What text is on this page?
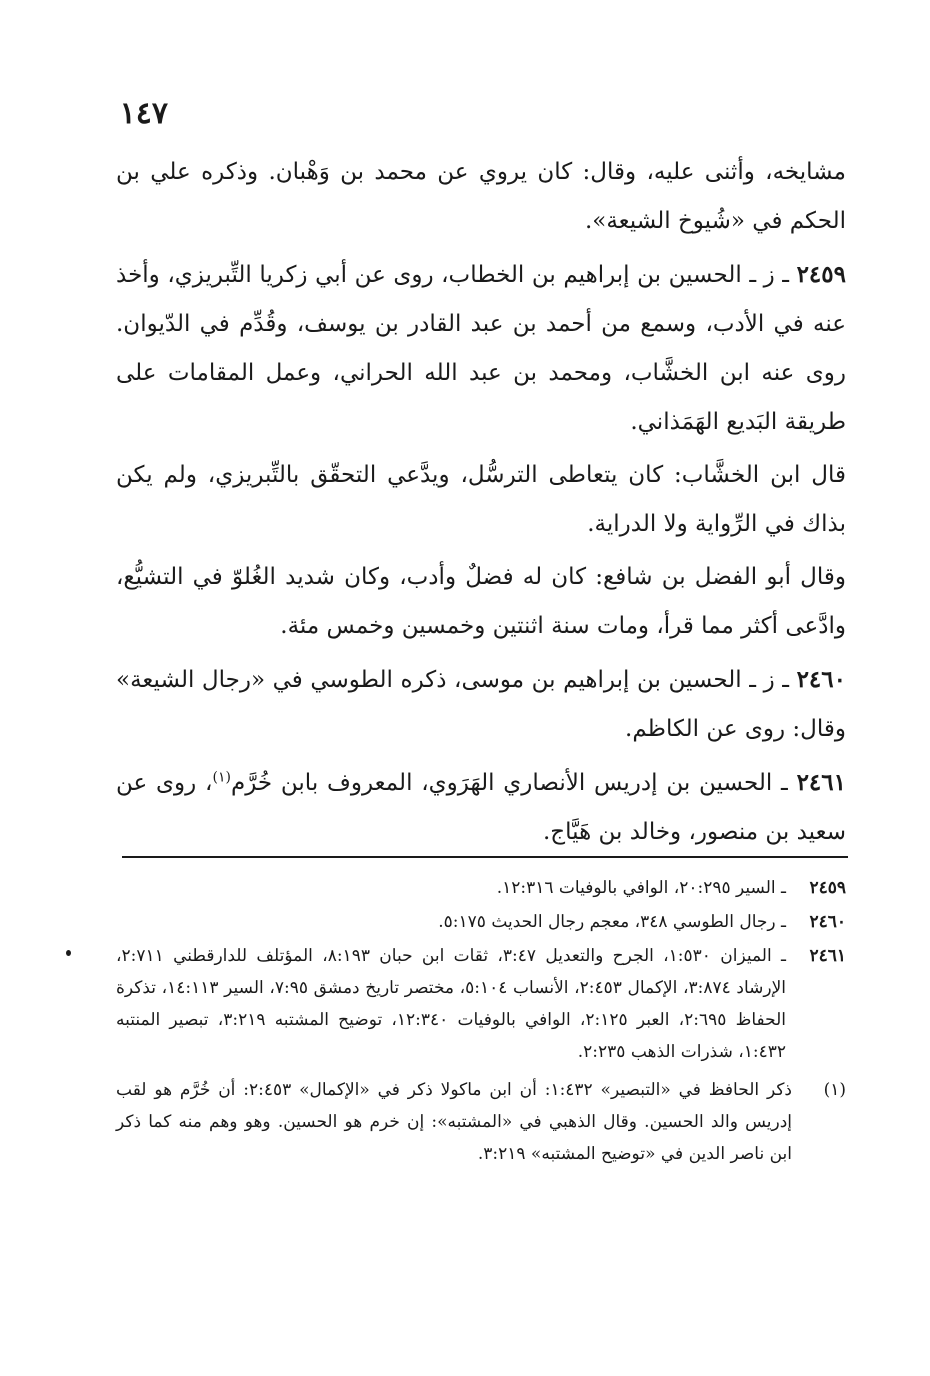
١٤٧

مشايخه، وأثنى عليه، وقال: كان يروي عن محمد بن وَهْبان. وذكره علي بن الحكم في «شُيوخ الشيعة».

٢٤٥٩ ـ ز ـ الحسين بن إبراهيم بن الخطاب، روى عن أبي زكريا التِّبريزي، وأخذ عنه في الأدب، وسمع من أحمد بن عبد القادر بن يوسف، وقُدِّم في الدّيوان. روى عنه ابن الخشَّاب، ومحمد بن عبد الله الحراني، وعمل المقامات على طريقة البَديع الهَمَذاني.

قال ابن الخشَّاب: كان يتعاطى الترسُّل، ويدَّعي التحقّق بالتِّبريزي، ولم يكن بذاك في الرِّواية ولا الدراية.

وقال أبو الفضل بن شافع: كان له فضلٌ وأدب، وكان شديد الغُلوّ في التشيُّع، وادَّعى أكثر مما قرأ، ومات سنة اثنتين وخمسين وخمس مئة.

٢٤٦٠ ـ ز ـ الحسين بن إبراهيم بن موسى، ذكره الطوسي في «رجال الشيعة» وقال: روى عن الكاظم.

٢٤٦١ ـ الحسين بن إدريس الأنصاري الهَرَوي، المعروف بابن خُرَّم$^{(١)}$، روى عن سعيد بن منصور، وخالد بن هَيَّاج.

٢٤٥٩
ـ السير ٢٠:٢٩٥، الوافي بالوفيات ١٢:٣١٦.
٢٤٦٠
ـ رجال الطوسي ٣٤٨، معجم رجال الحديث ٥:١٧٥.
٢٤٦١
ـ الميزان ١:٥٣٠، الجرح والتعديل ٣:٤٧، ثقات ابن حبان ٨:١٩٣، المؤتلف للدارقطني ٢:٧١١، الإرشاد ٣:٨٧٤، الإكمال ٢:٤٥٣، الأنساب ٥:١٠٤، مختصر تاريخ دمشق ٧:٩٥، السير ١٤:١١٣، تذكرة الحفاظ ٢:٦٩٥، العبر ٢:١٢٥، الوافي بالوفيات ١٢:٣٤٠، توضيح المشتبه ٣:٢١٩، تبصير المنتبه ١:٤٣٢، شذرات الذهب ٢:٢٣٥.
(١)
ذكر الحافظ في «التبصير» ١:٤٣٢: أن ابن ماكولا ذكر في «الإكمال» ٢:٤٥٣: أن خُرَّم هو لقب إدريس والد الحسين. وقال الذهبي في «المشتبه»: إن خرم هو الحسين. وهو وهم منه كما ذكر ابن ناصر الدين في «توضيح المشتبه» ٣:٢١٩.
